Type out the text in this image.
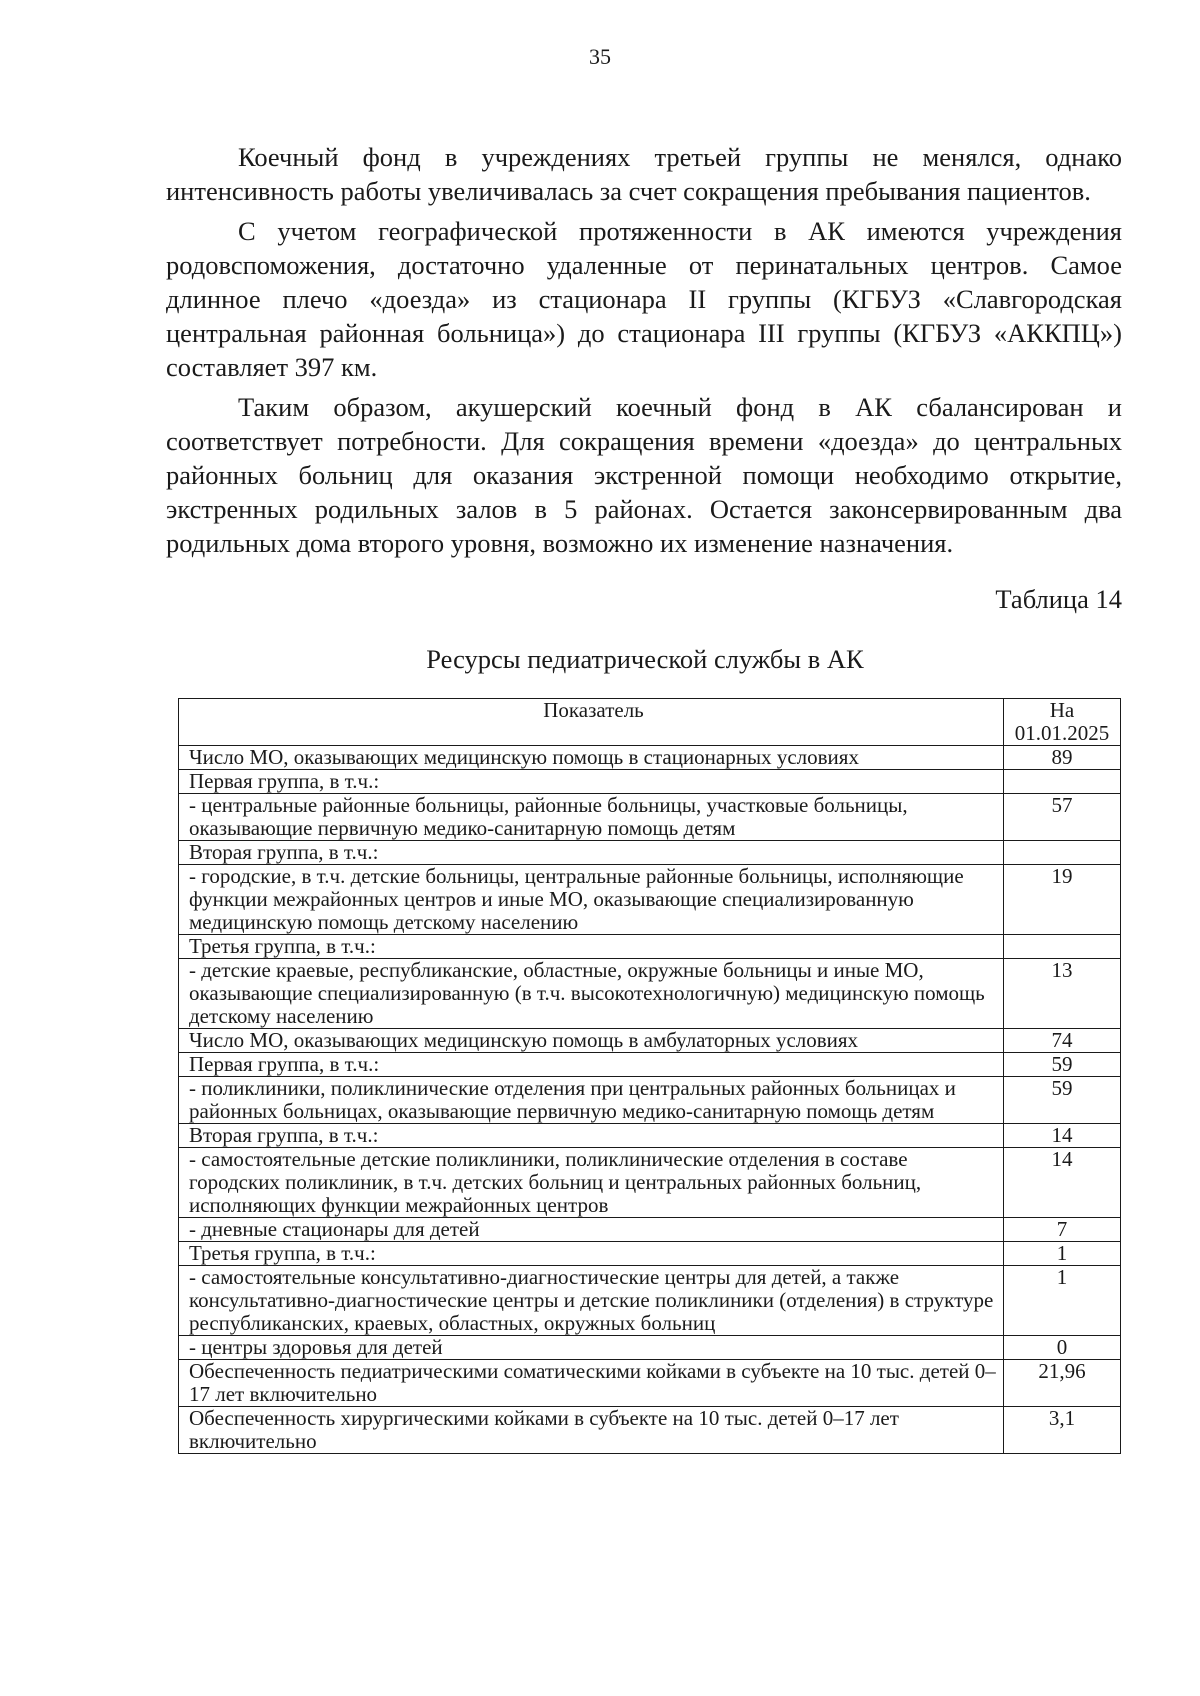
35

Коечный фонд в учреждениях третьей группы не менялся, однако интенсивность работы увеличивалась за счет сокращения пребывания пациентов.

С учетом географической протяженности в АК имеются учреждения родовспоможения, достаточно удаленные от перинатальных центров. Самое длинное плечо «доезда» из стационара II группы (КГБУЗ «Славгородская центральная районная больница») до стационара III группы (КГБУЗ «АККПЦ») составляет 397 км.

Таким образом, акушерский коечный фонд в АК сбалансирован и соответствует потребности. Для сокращения времени «доезда» до центральных районных больниц для оказания экстренной помощи необходимо открытие, экстренных родильных залов в 5 районах. Остается законсервированным два родильных дома второго уровня, возможно их изменение назначения.

Таблица 14
Ресурсы педиатрической службы в АК
Показатель	На 01.01.2025
Число МО, оказывающих медицинскую помощь в стационарных условиях	89
Первая группа, в т.ч.:	
- центральные районные больницы, районные больницы, участковые больницы, оказывающие первичную медико-санитарную помощь детям	57
Вторая группа, в т.ч.:	
- городские, в т.ч. детские больницы, центральные районные больницы, исполняющие функции межрайонных центров и иные МО, оказывающие специализированную медицинскую помощь детскому населению	19
Третья группа, в т.ч.:	
- детские краевые, республиканские, областные, окружные больницы и иные МО, оказывающие специализированную (в т.ч. высокотехнологичную) медицинскую помощь детскому населению	13
Число МО, оказывающих медицинскую помощь в амбулаторных условиях	74
Первая группа, в т.ч.:	59
- поликлиники, поликлинические отделения при центральных районных больницах и районных больницах, оказывающие первичную медико-санитарную помощь детям	59
Вторая группа, в т.ч.:	14
- самостоятельные детские поликлиники, поликлинические отделения в составе городских поликлиник, в т.ч. детских больниц и центральных районных больниц, исполняющих функции межрайонных центров	14
- дневные стационары для детей	7
Третья группа, в т.ч.:	1
- самостоятельные консультативно-диагностические центры для детей, а также консультативно-диагностические центры и детские поликлиники (отделения) в структуре республиканских, краевых, областных, окружных больниц	1
- центры здоровья для детей	0
Обеспеченность педиатрическими соматическими койками в субъекте на 10 тыс. детей 0–17 лет включительно	21,96
Обеспеченность хирургическими койками в субъекте на 10 тыс. детей 0–17 лет включительно	3,1
